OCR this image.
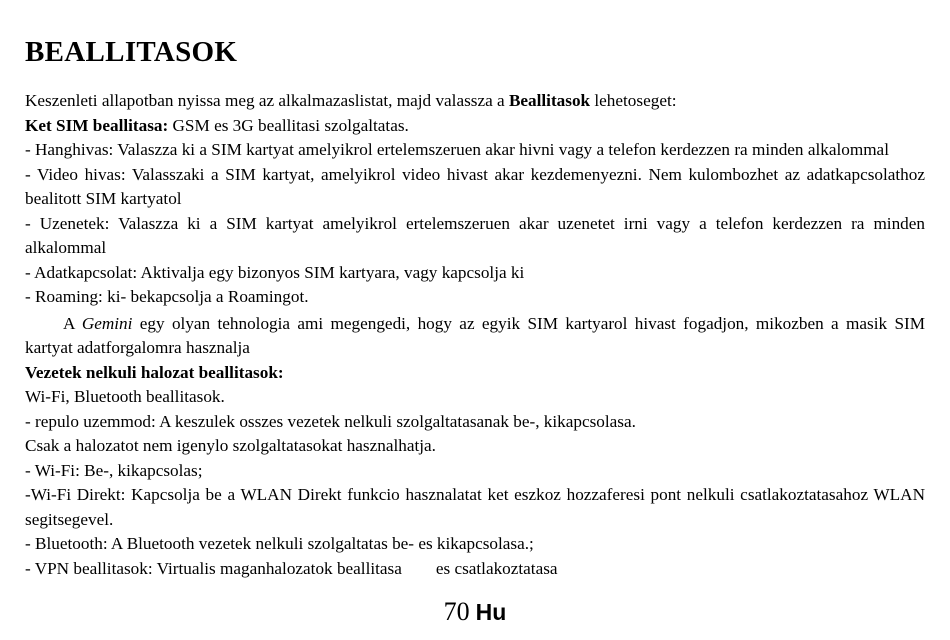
BEALLITASOK

Keszenleti allapotban nyissa meg az alkalmazaslistat, majd valassza a Beallitasok lehetoseget:

Ket SIM beallitasa: GSM es 3G beallitasi szolgaltatas.

- Hanghivas: Valaszza ki a SIM kartyat amelyikrol ertelemszeruen akar hivni vagy a telefon kerdezzen ra minden alkalommal

- Video hivas: Valasszaki a SIM kartyat, amelyikrol video hivast akar kezdemenyezni. Nem kulombozhet az adatkapcsolathoz bealitott SIM kartyatol

- Uzenetek: Valaszza ki a SIM kartyat amelyikrol ertelemszeruen akar uzenetet irni vagy a telefon kerdezzen ra minden alkalommal

- Adatkapcsolat: Aktivalja egy bizonyos SIM kartyara, vagy kapcsolja ki

- Roaming: ki- bekapcsolja a Roamingot.

A Gemini egy olyan tehnologia ami megengedi, hogy az egyik SIM kartyarol hivast fogadjon, mikozben a masik SIM kartyat adatforgalomra hasznalja

Vezetek nelkuli halozat beallitasok:

Wi-Fi, Bluetooth beallitasok.

- repulo uzemmod: A keszulek osszes vezetek nelkuli szolgaltatasanak be-, kikapcsolasa.

Csak a halozatot nem igenylo szolgaltatasokat hasznalhatja.

- Wi-Fi: Be-, kikapcsolas;

-Wi-Fi Direkt: Kapcsolja be a WLAN Direkt funkcio hasznalatat ket eszkoz hozzaferesi pont nelkuli csatlakoztatasahoz WLAN segitsegevel.

- Bluetooth: A Bluetooth vezetek nelkuli szolgaltatas be- es kikapcsolasa.;

- VPN beallitasok: Virtualis maganhalozatok beallitasa es csatlakoztatasa

70 Hu
